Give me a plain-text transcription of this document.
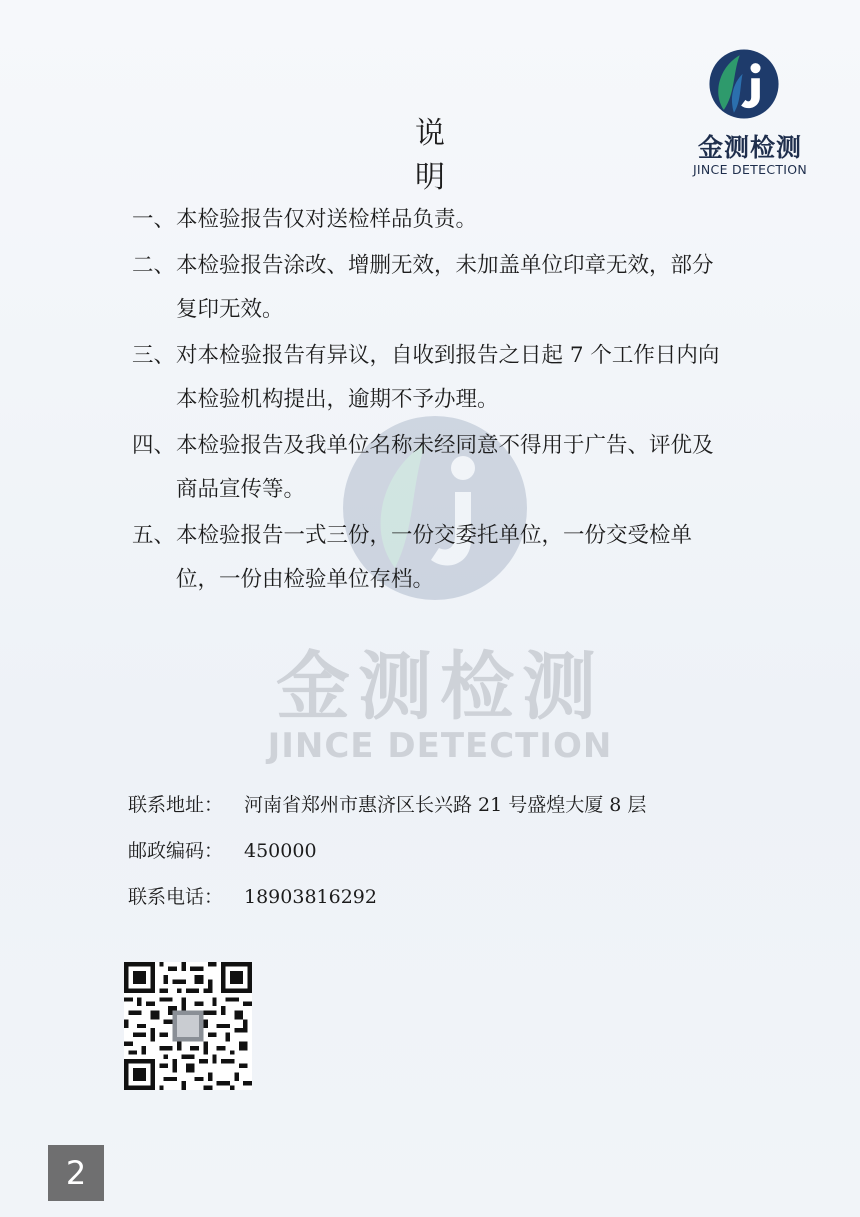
金测检测
JINCE DETECTION
金测检测
JINCE DETECTION
说明
一、 本检验报告仅对送检样品负责。
二、 本检验报告涂改、增删无效，未加盖单位印章无效，部分复印无效。
三、 对本检验报告有异议，自收到报告之日起 7 个工作日内向本检验机构提出，逾期不予办理。
四、 本检验报告及我单位名称未经同意不得用于广告、评优及商品宣传等。
五、 本检验报告一式三份，一份交委托单位，一份交受检单位，一份由检验单位存档。
联系地址：	河南省郑州市惠济区长兴路 21 号盛煌大厦 8 层
邮政编码：	450000
联系电话：	18903816292
2
